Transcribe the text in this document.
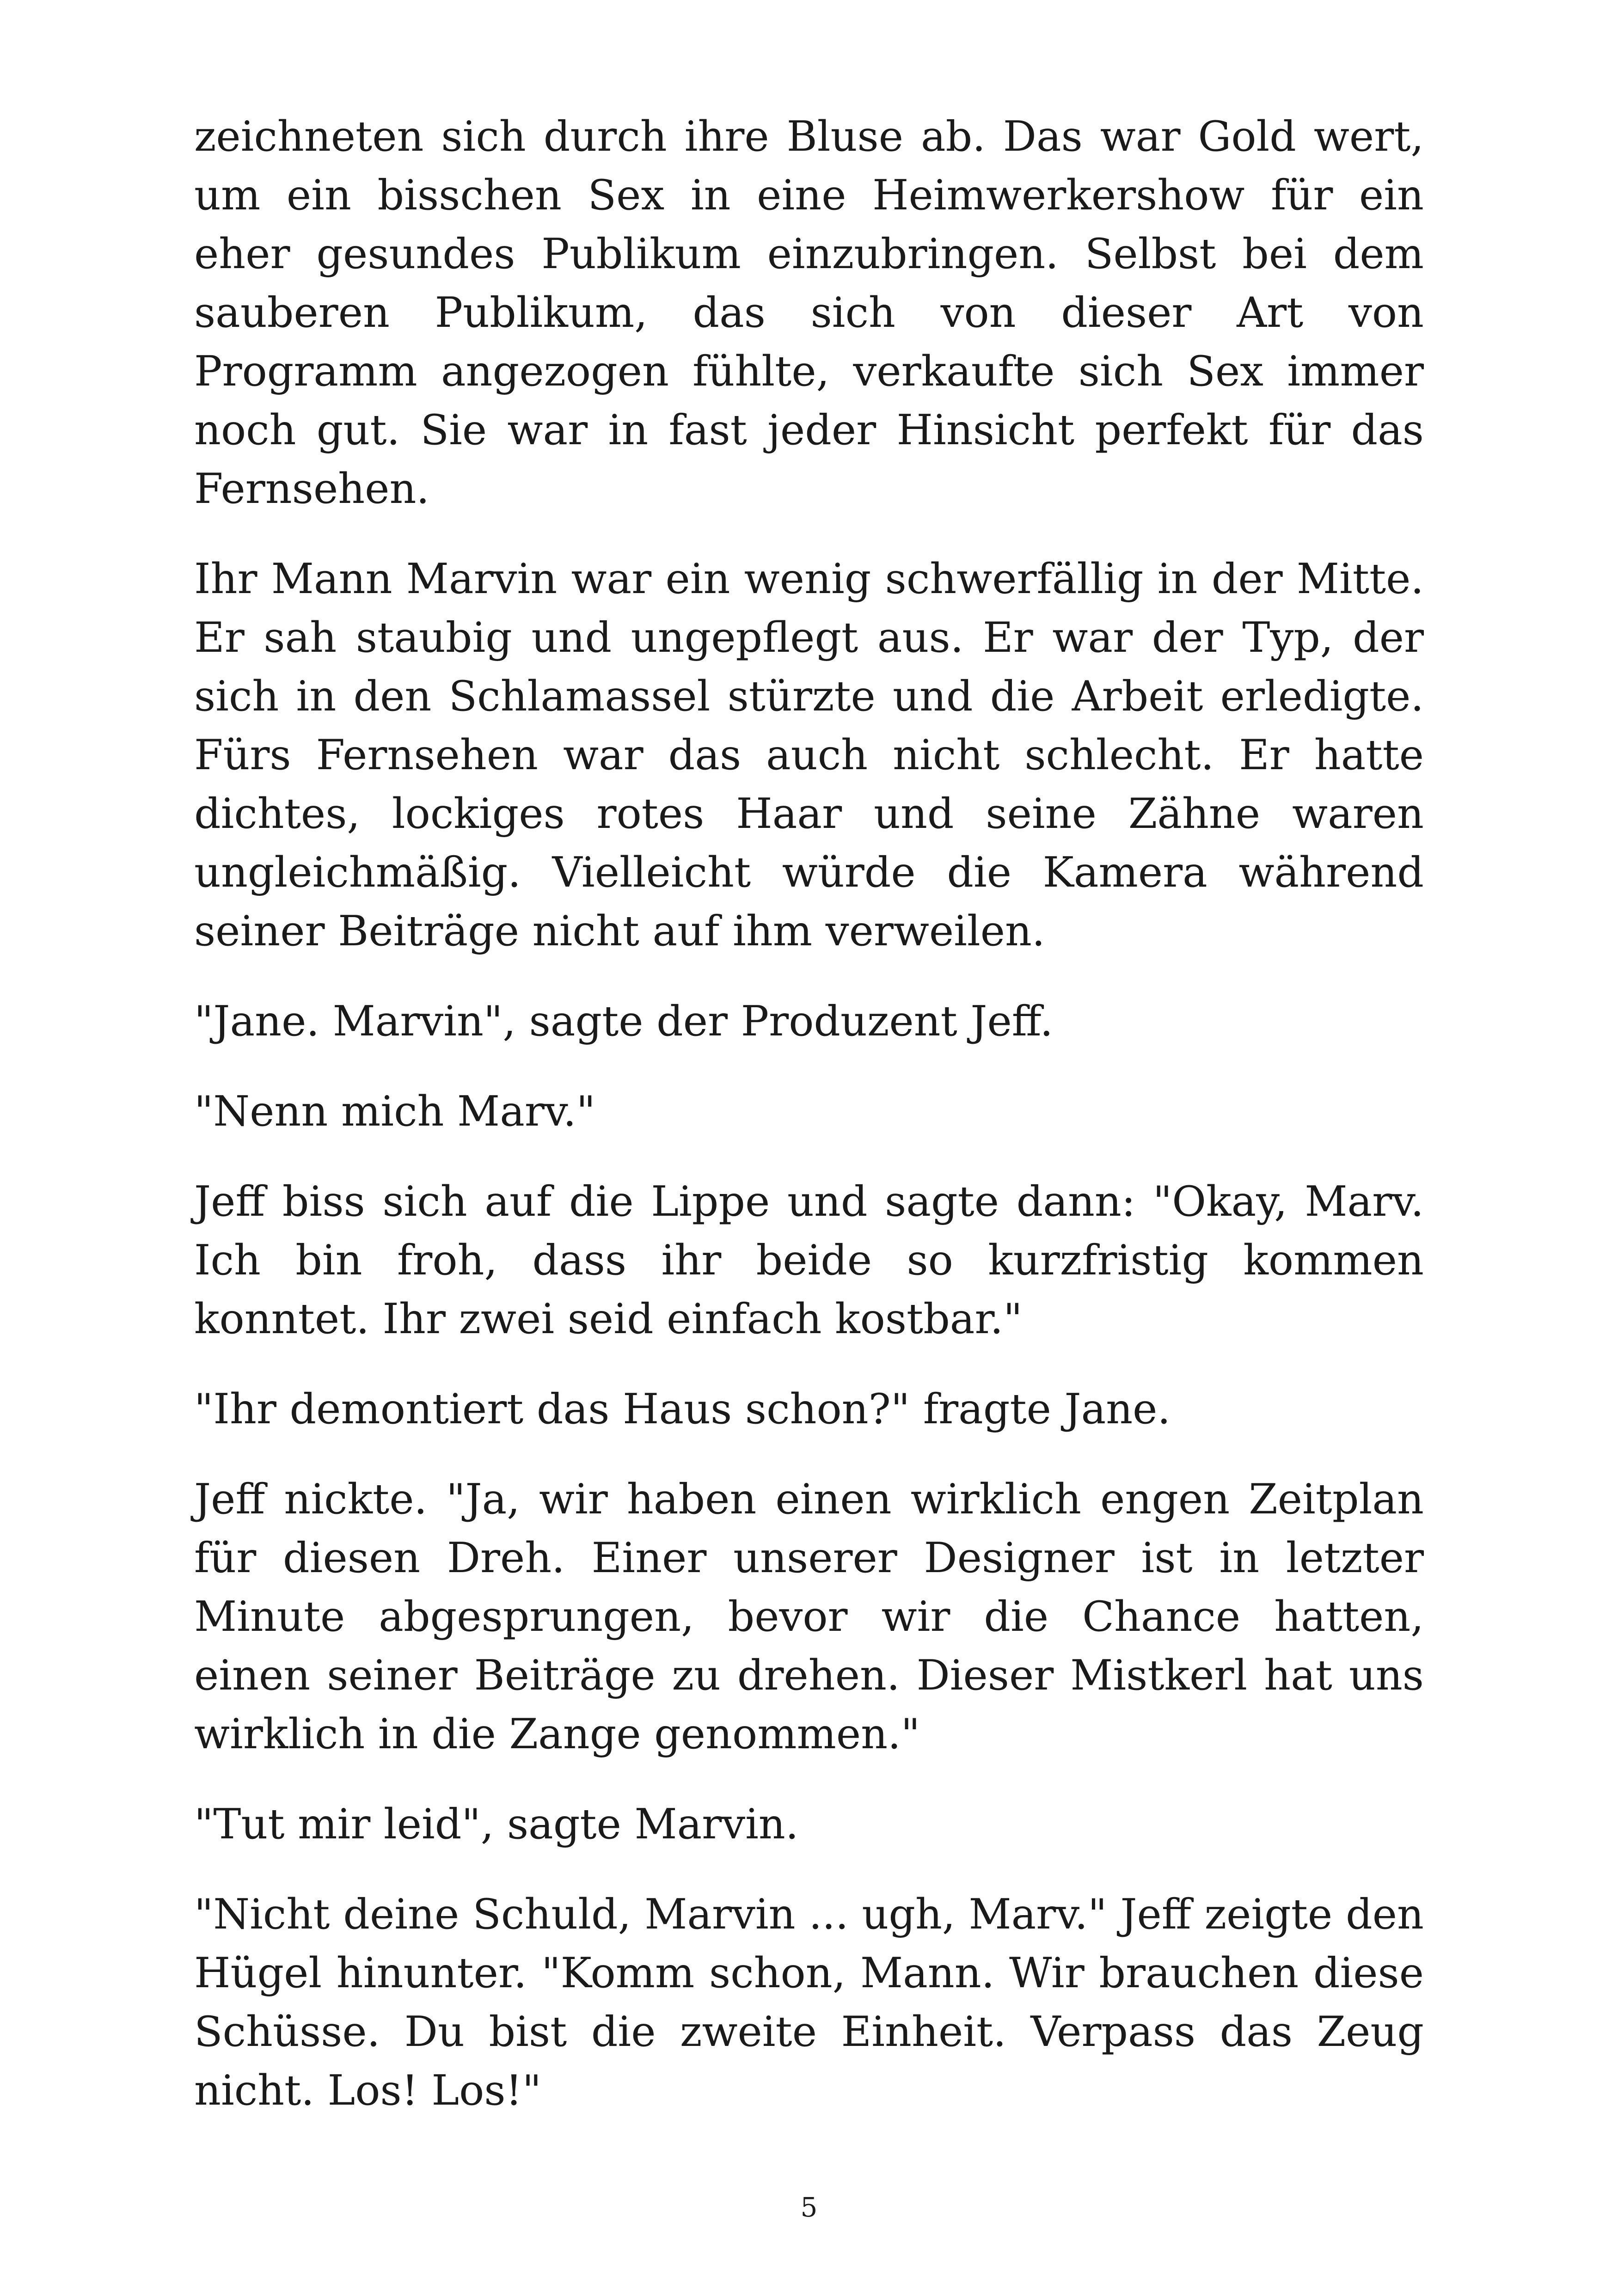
zeichneten sich durch ihre Bluse ab. Das war Gold wert, um ein bisschen Sex in eine Heimwerkershow für ein eher gesundes Publikum einzubringen. Selbst bei dem sauberen Publikum, das sich von dieser Art von Programm angezogen fühlte, verkaufte sich Sex immer noch gut. Sie war in fast jeder Hinsicht perfekt für das Fernsehen.

Ihr Mann Marvin war ein wenig schwerfällig in der Mitte. Er sah staubig und ungepflegt aus. Er war der Typ, der sich in den Schlamassel stürzte und die Arbeit erledigte. Fürs Fernsehen war das auch nicht schlecht. Er hatte dichtes, lockiges rotes Haar und seine Zähne waren ungleichmäßig. Vielleicht würde die Kamera während seiner Beiträge nicht auf ihm verweilen.

"Jane. Marvin", sagte der Produzent Jeff.

"Nenn mich Marv."

Jeff biss sich auf die Lippe und sagte dann: "Okay, Marv. Ich bin froh, dass ihr beide so kurzfristig kommen konntet. Ihr zwei seid einfach kostbar."

"Ihr demontiert das Haus schon?" fragte Jane.

Jeff nickte. "Ja, wir haben einen wirklich engen Zeitplan für diesen Dreh. Einer unserer Designer ist in letzter Minute abgesprungen, bevor wir die Chance hatten, einen seiner Beiträge zu drehen. Dieser Mistkerl hat uns wirklich in die Zange genommen."

"Tut mir leid", sagte Marvin.

"Nicht deine Schuld, Marvin ... ugh, Marv." Jeff zeigte den Hügel hinunter. "Komm schon, Mann. Wir brauchen diese Schüsse. Du bist die zweite Einheit. Verpass das Zeug nicht. Los! Los!"

5
